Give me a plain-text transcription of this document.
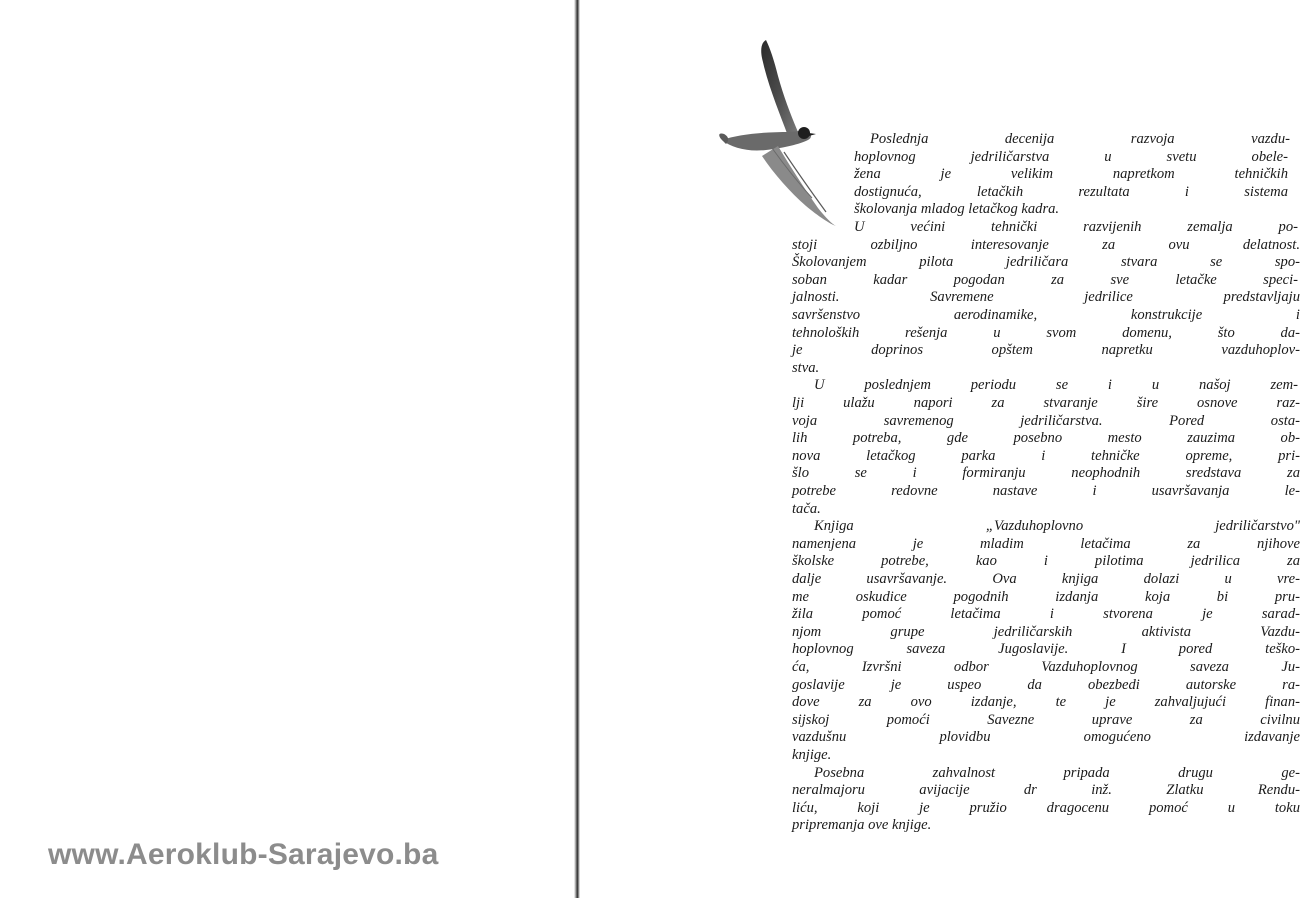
www.Aeroklub-Sarajevo.ba
Poslednja decenija razvoja vazdu-
hoplovnog jedriličarstva u svetu obele-
žena je velikim napretkom tehničkih
dostignuća, letačkih rezultata i sistema
školovanja mladog letačkog kadra.
U većini tehnički razvijenih zemalja po-
stoji ozbiljno interesovanje za ovu delatnost.
Školovanjem pilota jedriličara stvara se spo-
soban kadar pogodan za sve letačke speci-
jalnosti. Savremene jedrilice predstavljaju
savršenstvo aerodinamike, konstrukcije i
tehnoloških rešenja u svom domenu, što da-
je doprinos opštem napretku vazduhoplov-
stva.
U poslednjem periodu se i u našoj zem-
lji ulažu napori za stvaranje šire osnove raz-
voja savremenog jedriličarstva. Pored osta-
lih potreba, gde posebno mesto zauzima ob-
nova letačkog parka i tehničke opreme, pri-
šlo se i formiranju neophodnih sredstava za
potrebe redovne nastave i usavršavanja le-
tača.
Knjiga „Vazduhoplovno jedriličarstvo"
namenjena je mladim letačima za njihove
školske potrebe, kao i pilotima jedrilica za
dalje usavršavanje. Ova knjiga dolazi u vre-
me oskudice pogodnih izdanja koja bi pru-
žila pomoć letačima i stvorena je sarad-
njom grupe jedriličarskih aktivista Vazdu-
hoplovnog saveza Jugoslavije. I pored teško-
ća, Izvršni odbor Vazduhoplovnog saveza Ju-
goslavije je uspeo da obezbedi autorske ra-
dove za ovo izdanje, te je zahvaljujući finan-
sijskoj pomoći Savezne uprave za civilnu
vazdušnu plovidbu omogućeno izdavanje
knjige.
Posebna zahvalnost pripada drugu ge-
neralmajoru avijacije dr inž. Zlatku Rendu-
liću, koji je pružio dragocenu pomoć u toku
pripremanja ove knjige.
